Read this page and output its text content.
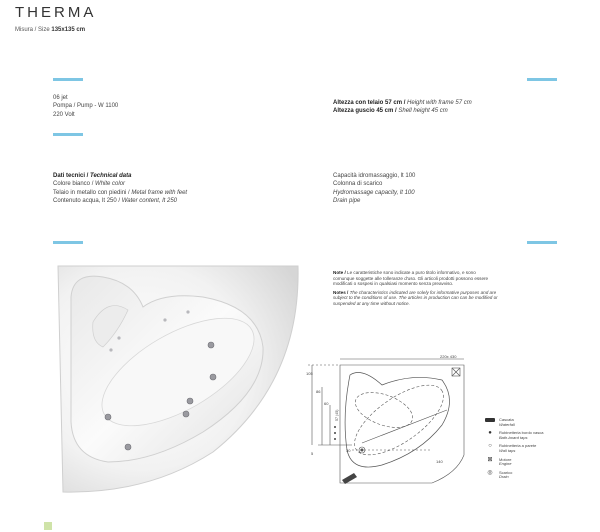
THERMA
Misura / Size 135x135 cm
06 jet
Pompa / Pump - W 1100
220 Volt
Altezza con telaio 57 cm / Height with frame 57 cm
Altezza guscio 45 cm / Shell height 45 cm
Dati tecnici / Technical data
Colore bianco / White color
Telaio in metallo con piedini / Metal frame with feet
Contenuto acqua, lt 250 / Water content, lt 250
Capacità idromassaggio, lt 100
Colonna di scarico
Hydromassage capacity, lt 100
Drain pipe
Note / Le caratteristiche sono indicate a puro titolo informativo, e sono comunque soggette alle tolleranze d'uso. Gli articoli prodotti possono essere modificati o sospesi in qualsiasi momento senza preavviso.
Notes / The characteristics indicated are solely for informative purposes and are subject to the conditions of use. The articles in production can can be modified or suspended at any time without notice.
220x 430
105
86
60
57 (45)
30
140
5
Cascata
Waterfall
●	Rubinetteria bordo vasca
Bath-board taps
○	Rubinetteria a parete
Wall taps
⊠	Motore
Engine
◎	Scarico
Drain
